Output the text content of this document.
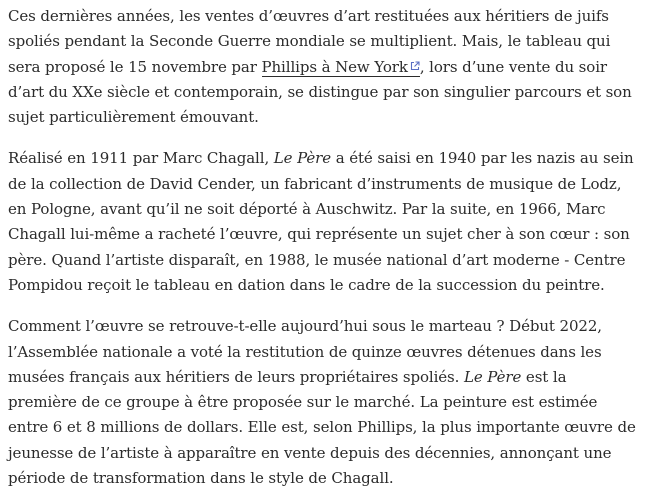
Ces dernières années, les ventes d’œuvres d’art restituées aux héritiers de juifs spoliés pendant la Seconde Guerre mondiale se multiplient. Mais, le tableau qui sera proposé le 15 novembre par Phillips à New York , lors d’une vente du soir d’art du XXe siècle et contemporain, se distingue par son singulier parcours et son sujet particulièrement émouvant.

Réalisé en 1911 par Marc Chagall, Le Père a été saisi en 1940 par les nazis au sein de la collection de David Cender, un fabricant d’instruments de musique de Lodz, en Pologne, avant qu’il ne soit déporté à Auschwitz. Par la suite, en 1966, Marc Chagall lui-même a racheté l’œuvre, qui représente un sujet cher à son cœur : son père. Quand l’artiste disparaît, en 1988, le musée national d’art moderne - Centre Pompidou reçoit le tableau en dation dans le cadre de la succession du peintre.

Comment l’œuvre se retrouve-t-elle aujourd’hui sous le marteau ? Début 2022, l’Assemblée nationale a voté la restitution de quinze œuvres détenues dans les musées français aux héritiers de leurs propriétaires spoliés. Le Père est la première de ce groupe à être proposée sur le marché. La peinture est estimée entre 6 et 8 millions de dollars. Elle est, selon Phillips, la plus importante œuvre de jeunesse de l’artiste à apparaître en vente depuis des décennies, annonçant une période de transformation dans le style de Chagall.
